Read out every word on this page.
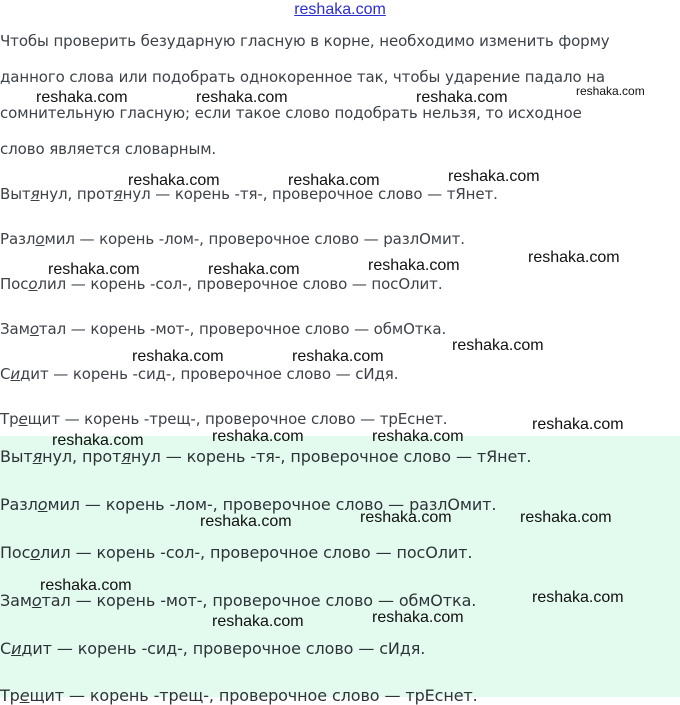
reshaka.com
Чтобы проверить безударную гласную в корне, необходимо изменить форму
данного слова или подобрать однокоренное так, чтобы ударение падало на
сомнительную гласную; если такое слово подобрать нельзя, то исходное
слово является словарным.
Вытянул, протянул — корень -тя-, проверочное слово — тЯнет.
Разломил — корень -лом-, проверочное слово — разлОмит.
Посолил — корень -сол-, проверочное слово — посОлит.
Замотал — корень -мот-, проверочное слово — обмОтка.
Сидит — корень -сид-, проверочное слово — сИдя.
Трещит — корень -трещ-, проверочное слово — трЕснет.
Вытянул, протянул — корень -тя-, проверочное слово — тЯнет.
Разломил — корень -лом-, проверочное слово — разлОмит.
Посолил — корень -сол-, проверочное слово — посОлит.
Замотал — корень -мот-, проверочное слово — обмОтка.
Сидит — корень -сид-, проверочное слово — сИдя.
Трещит — корень -трещ-, проверочное слово — трЕснет.
reshaka.com	reshaka.com	reshaka.com	reshaka.com
reshaka.com	reshaka.com	reshaka.com
reshaka.com	reshaka.com	reshaka.com	reshaka.com
reshaka.com	reshaka.com
reshaka.com
reshaka.com
reshaka.com	reshaka.com	reshaka.com
reshaka.com	reshaka.com	reshaka.com
reshaka.com
reshaka.com
reshaka.com	reshaka.com
